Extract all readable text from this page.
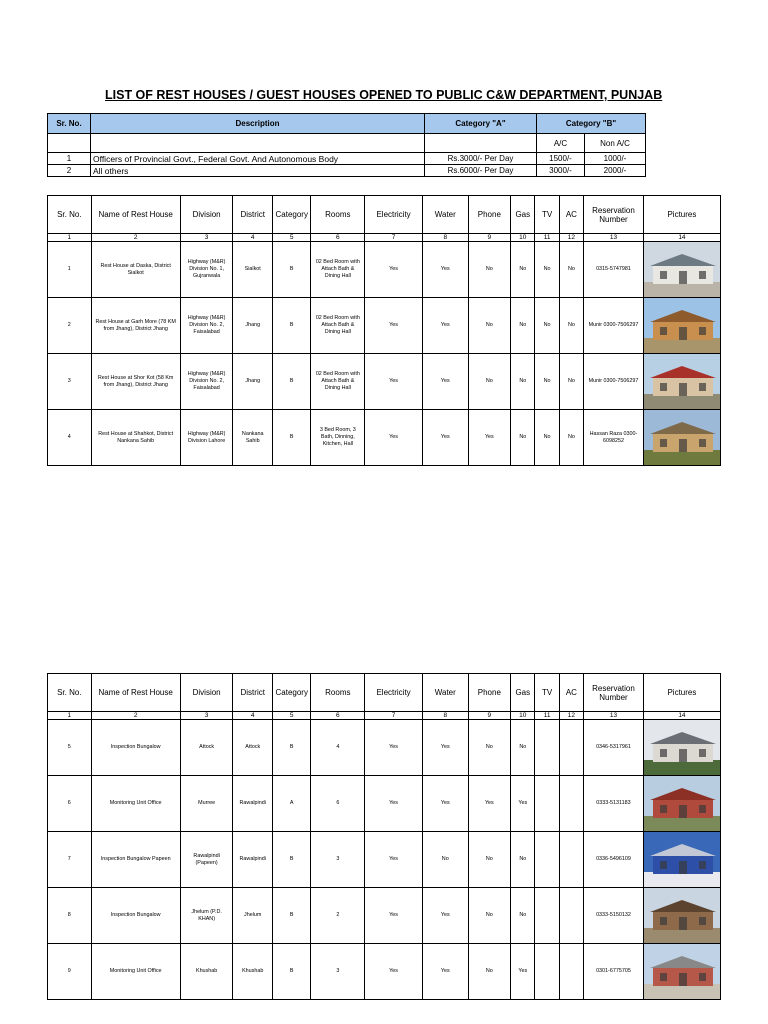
LIST OF REST HOUSES / GUEST HOUSES OPENED TO PUBLIC C&W DEPARTMENT, PUNJAB
Sr. No.	Description	Category "A"	Category "B"	
			A/C	Non A/C
1	Officers of Provincial Govt., Federal Govt. And Autonomous Body	Rs.3000/- Per Day	1500/-	1000/-
2	All others	Rs.6000/- Per Day	3000/-	2000/-
Sr. No.	Name of Rest House	Division	District	Category	Rooms	Electricity	Water	Phone	Gas	TV	AC	Reservation Number	Pictures
1	2	3	4	5	6	7	8	9	10	11	12	13	14
1	Rest House at Daska, District Sialkot	Highway (M&R) Division No. 1, Gujranwala	Sialkot	B	02 Bed Room with Attach Bath & Dining Hall	Yes	Yes	No	No	No	No	0315-5747981	

2	Rest House at Garh More (78 KM from Jhang), District Jhang	Highway (M&R) Division No. 2, Faisalabad	Jhang	B	02 Bed Room with Attach Bath & Dining Hall	Yes	Yes	No	No	No	No	Munir 0300-7506297	

3	Rest House at Shor Kot (58 Km from Jhang), District Jhang	Highway (M&R) Division No. 2, Faisalabad	Jhang	B	02 Bed Room with Attach Bath & Dining Hall	Yes	Yes	No	No	No	No	Munir 0300-7506297	

4	Rest House at Shahkot, District Nankana Sahib	Highway (M&R) Division Lahore	Nankana Sahib	B	3 Bed Room, 3 Bath, Dinning, Kitchen, Hall	Yes	Yes	Yes	No	No	No	Hassan Raza 0300-6098252	
Sr. No.	Name of Rest House	Division	District	Category	Rooms	Electricity	Water	Phone	Gas	TV	AC	Reservation Number	Pictures
1	2	3	4	5	6	7	8	9	10	11	12	13	14
5	Inspection Bungalow	Attock	Attock	B	4	Yes	Yes	No	No			0346-5317961	

6	Monitoring Unit Office	Murree	Rawalpindi	A	6	Yes	Yes	Yes	Yes			0333-5131183	

7	Inspection Bungalow Papeen	Rawalpindi (Papeen)	Rawalpindi	B	3	Yes	No	No	No			0336-5496109	

8	Inspection Bungalow	Jhelum (P.D. KHAN)	Jhelum	B	2	Yes	Yes	No	No			0333-5150132	

9	Monitoring Unit Office	Khushab	Khushab	B	3	Yes	Yes	No	Yes			0301-6775705	
